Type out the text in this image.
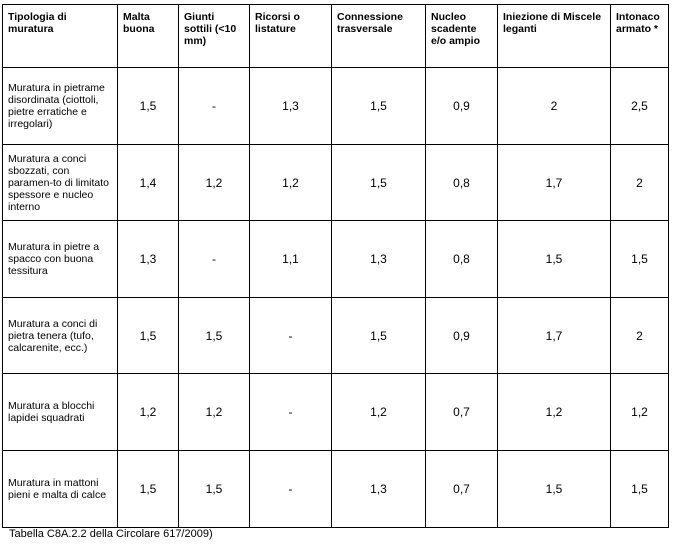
Tipologia di muratura	Malta buona	Giunti sottili (<10 mm)	Ricorsi o listature	Connessione trasversale	Nucleo scadente e/o ampio	Iniezione di Miscele leganti	Intonaco armato *
Muratura in pietrame disordinata (ciottoli, pietre erratiche e irregolari)	1,5	-	1,3	1,5	0,9	2	2,5
Muratura a conci sbozzati, con paramen-to di limitato spessore e nucleo interno	1,4	1,2	1,2	1,5	0,8	1,7	2
Muratura in pietre a spacco con buona tessitura	1,3	-	1,1	1,3	0,8	1,5	1,5
Muratura a conci di pietra tenera (tufo, calcarenite, ecc.)	1,5	1,5	-	1,5	0,9	1,7	2
Muratura a blocchi lapidei squadrati	1,2	1,2	-	1,2	0,7	1,2	1,2
Muratura in mattoni pieni e malta di calce	1,5	1,5	-	1,3	0,7	1,5	1,5
Tabella C8A.2.2 della Circolare 617/2009)
